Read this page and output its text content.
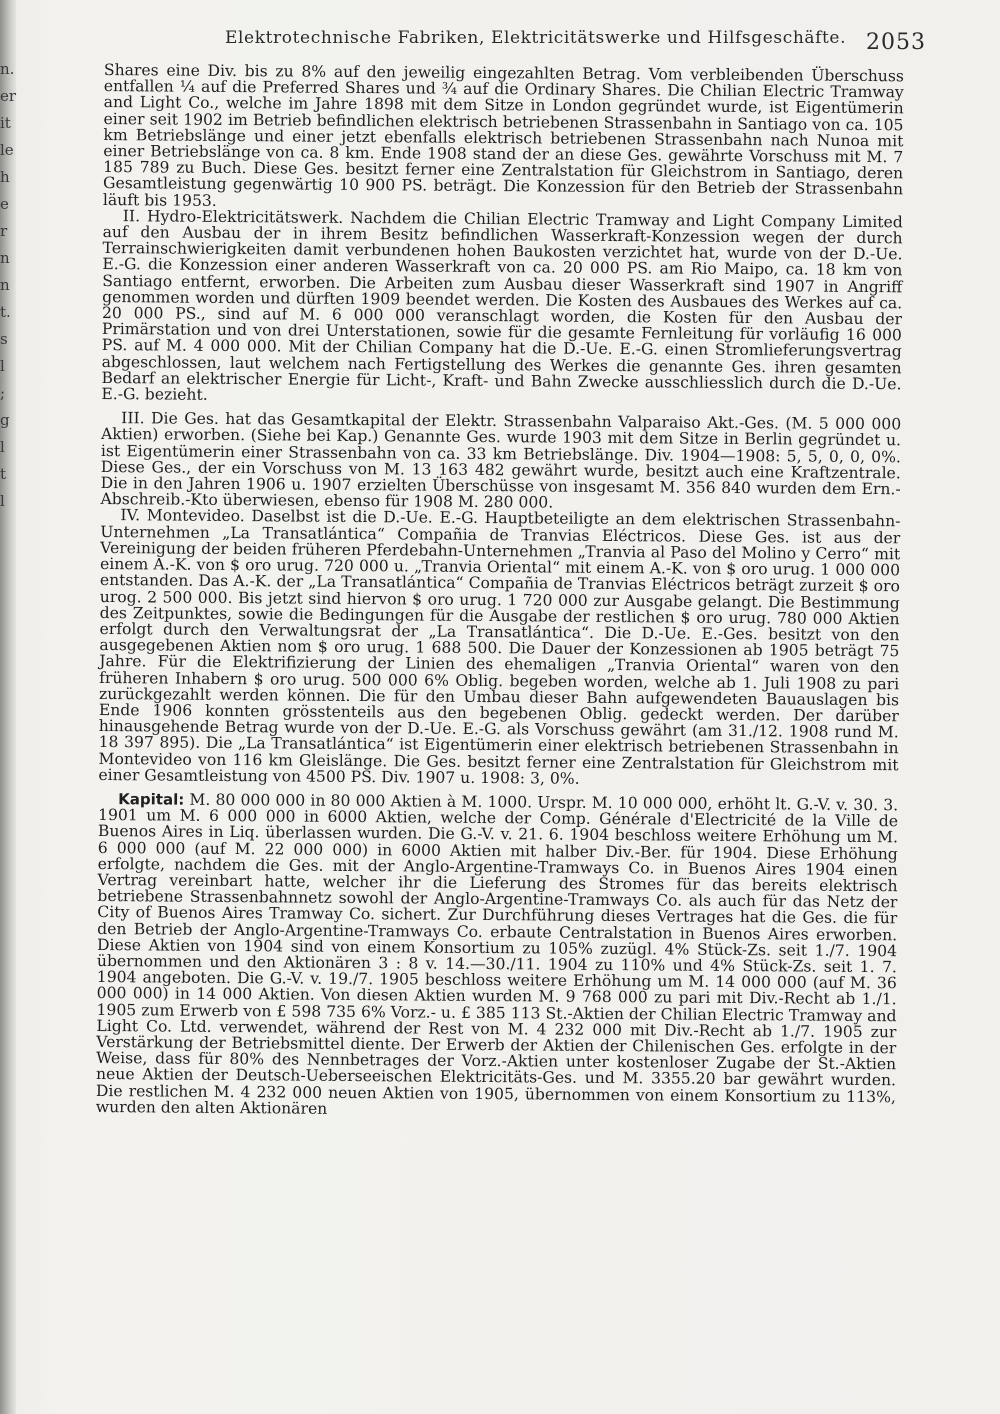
n.
er
it
le
h
e
r
n
n
t.
s
l
;
g
l
t
l
Elektrotechnische Fabriken, Elektricitätswerke und Hilfsgeschäfte. 2053

Shares eine Div. bis zu 8% auf den jeweilig eingezahlten Betrag. Vom verbleibenden Überschuss entfallen ¼ auf die Preferred Shares und ¾ auf die Ordinary Shares. Die Chilian Electric Tramway and Light Co., welche im Jahre 1898 mit dem Sitze in London gegründet wurde, ist Eigentümerin einer seit 1902 im Betrieb befindlichen elektrisch betriebenen Strassenbahn in Santiago von ca. 105 km Betriebslänge und einer jetzt ebenfalls elektrisch betriebenen Strassenbahn nach Nunoa mit einer Betriebslänge von ca. 8 km. Ende 1908 stand der an diese Ges. gewährte Vorschuss mit M. 7 185 789 zu Buch. Diese Ges. besitzt ferner eine Zentralstation für Gleichstrom in Santiago, deren Gesamtleistung gegenwärtig 10 900 PS. beträgt. Die Konzession für den Betrieb der Strassenbahn läuft bis 1953.

II. Hydro-Elektricitätswerk. Nachdem die Chilian Electric Tramway and Light Company Limited auf den Ausbau der in ihrem Besitz befindlichen Wasserkraft-Konzession wegen der durch Terrainschwierigkeiten damit verbundenen hohen Baukosten verzichtet hat, wurde von der D.-Ue. E.-G. die Konzession einer anderen Wasserkraft von ca. 20 000 PS. am Rio Maipo, ca. 18 km von Santiago entfernt, erworben. Die Arbeiten zum Ausbau dieser Wasserkraft sind 1907 in Angriff genommen worden und dürften 1909 beendet werden. Die Kosten des Ausbaues des Werkes auf ca. 20 000 PS., sind auf M. 6 000 000 veranschlagt worden, die Kosten für den Ausbau der Primärstation und von drei Unterstationen, sowie für die gesamte Fernleitung für vorläufig 16 000 PS. auf M. 4 000 000. Mit der Chilian Company hat die D.-Ue. E.-G. einen Stromlieferungsvertrag abgeschlossen, laut welchem nach Fertigstellung des Werkes die genannte Ges. ihren gesamten Bedarf an elektrischer Energie für Licht-, Kraft- und Bahn Zwecke ausschliesslich durch die D.-Ue. E.-G. bezieht.

III. Die Ges. hat das Gesamtkapital der Elektr. Strassenbahn Valparaiso Akt.-Ges. (M. 5 000 000 Aktien) erworben. (Siehe bei Kap.) Genannte Ges. wurde 1903 mit dem Sitze in Berlin gegründet u. ist Eigentümerin einer Strassenbahn von ca. 33 km Betriebslänge. Div. 1904—1908: 5, 5, 0, 0, 0%. Diese Ges., der ein Vorschuss von M. 13 163 482 gewährt wurde, besitzt auch eine Kraftzentrale. Die in den Jahren 1906 u. 1907 erzielten Überschüsse von insgesamt M. 356 840 wurden dem Ern.-Abschreib.-Kto überwiesen, ebenso für 1908 M. 280 000.

IV. Montevideo. Daselbst ist die D.-Ue. E.-G. Hauptbeteiligte an dem elektrischen Strassenbahn-Unternehmen „La Transatlántica“ Compañia de Tranvias Eléctricos. Diese Ges. ist aus der Vereinigung der beiden früheren Pferdebahn-Unternehmen „Tranvia al Paso del Molino y Cerro“ mit einem A.-K. von $ oro urug. 720 000 u. „Tranvia Oriental“ mit einem A.-K. von $ oro urug. 1 000 000 entstanden. Das A.-K. der „La Transatlántica“ Compañia de Tranvias Eléctricos beträgt zurzeit $ oro urog. 2 500 000. Bis jetzt sind hiervon $ oro urug. 1 720 000 zur Ausgabe gelangt. Die Bestimmung des Zeitpunktes, sowie die Bedingungen für die Ausgabe der restlichen $ oro urug. 780 000 Aktien erfolgt durch den Verwaltungsrat der „La Transatlántica“. Die D.-Ue. E.-Ges. besitzt von den ausgegebenen Aktien nom $ oro urug. 1 688 500. Die Dauer der Konzessionen ab 1905 beträgt 75 Jahre. Für die Elektrifizierung der Linien des ehemaligen „Tranvia Oriental“ waren von den früheren Inhabern $ oro urug. 500 000 6% Oblig. begeben worden, welche ab 1. Juli 1908 zu pari zurückgezahlt werden können. Die für den Umbau dieser Bahn aufgewendeten Bauauslagen bis Ende 1906 konnten grösstenteils aus den begebenen Oblig. gedeckt werden. Der darüber hinausgehende Betrag wurde von der D.-Ue. E.-G. als Vorschuss gewährt (am 31./12. 1908 rund M. 18 397 895). Die „La Transatlántica“ ist Eigentümerin einer elektrisch betriebenen Strassenbahn in Montevideo von 116 km Gleislänge. Die Ges. besitzt ferner eine Zentralstation für Gleichstrom mit einer Gesamtleistung von 4500 PS. Div. 1907 u. 1908: 3, 0%.

Kapital: M. 80 000 000 in 80 000 Aktien à M. 1000. Urspr. M. 10 000 000, erhöht lt. G.-V. v. 30. 3. 1901 um M. 6 000 000 in 6000 Aktien, welche der Comp. Générale d'Electricité de la Ville de Buenos Aires in Liq. überlassen wurden. Die G.-V. v. 21. 6. 1904 beschloss weitere Erhöhung um M. 6 000 000 (auf M. 22 000 000) in 6000 Aktien mit halber Div.-Ber. für 1904. Diese Erhöhung erfolgte, nachdem die Ges. mit der Anglo-Argentine-Tramways Co. in Buenos Aires 1904 einen Vertrag vereinbart hatte, welcher ihr die Lieferung des Stromes für das bereits elektrisch betriebene Strassenbahnnetz sowohl der Anglo-Argentine-Tramways Co. als auch für das Netz der City of Buenos Aires Tramway Co. sichert. Zur Durchführung dieses Vertrages hat die Ges. die für den Betrieb der Anglo-Argentine-Tramways Co. erbaute Centralstation in Buenos Aires erworben. Diese Aktien von 1904 sind von einem Konsortium zu 105% zuzügl. 4% Stück-Zs. seit 1./7. 1904 übernommen und den Aktionären 3 : 8 v. 14.—30./11. 1904 zu 110% und 4% Stück-Zs. seit 1. 7. 1904 angeboten. Die G.-V. v. 19./7. 1905 beschloss weitere Erhöhung um M. 14 000 000 (auf M. 36 000 000) in 14 000 Aktien. Von diesen Aktien wurden M. 9 768 000 zu pari mit Div.-Recht ab 1./1. 1905 zum Erwerb von £ 598 735 6% Vorz.- u. £ 385 113 St.-Aktien der Chilian Electric Tramway and Light Co. Ltd. verwendet, während der Rest von M. 4 232 000 mit Div.-Recht ab 1./7. 1905 zur Verstärkung der Betriebsmittel diente. Der Erwerb der Aktien der Chilenischen Ges. erfolgte in der Weise, dass für 80% des Nennbetrages der Vorz.-Aktien unter kostenloser Zugabe der St.-Aktien neue Aktien der Deutsch-Ueberseeischen Elektricitäts-Ges. und M. 3355.20 bar gewährt wurden. Die restlichen M. 4 232 000 neuen Aktien von 1905, übernommen von einem Konsortium zu 113%, wurden den alten Aktionären
